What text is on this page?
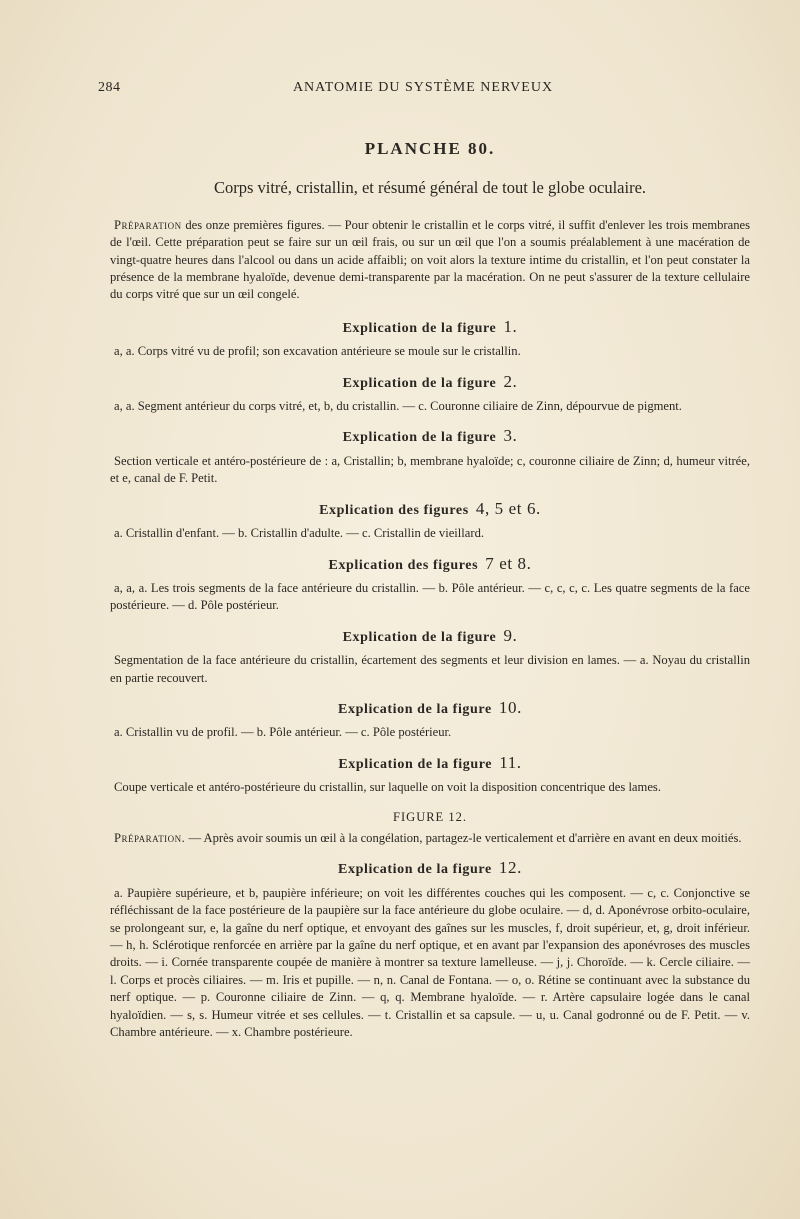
284	ANATOMIE DU SYSTÈME NERVEUX
PLANCHE 80.
Corps vitré, cristallin, et résumé général de tout le globe oculaire.

Préparation des onze premières figures. — Pour obtenir le cristallin et le corps vitré, il suffit d'enlever les trois membranes de l'œil. Cette préparation peut se faire sur un œil frais, ou sur un œil que l'on a soumis préalablement à une macération de vingt-quatre heures dans l'alcool ou dans un acide affaibli; on voit alors la texture intime du cristallin, et l'on peut constater la présence de la membrane hyaloïde, devenue demi-transparente par la macération. On ne peut s'assurer de la texture cellulaire du corps vitré que sur un œil congelé.

Explication de la figure 1.

a, a. Corps vitré vu de profil; son excavation antérieure se moule sur le cristallin.

Explication de la figure 2.

a, a. Segment antérieur du corps vitré, et, b, du cristallin. — c. Couronne ciliaire de Zinn, dépourvue de pigment.

Explication de la figure 3.

Section verticale et antéro-postérieure de : a, Cristallin; b, membrane hyaloïde; c, couronne ciliaire de Zinn; d, humeur vitrée, et e, canal de F. Petit.

Explication des figures 4, 5 et 6.

a. Cristallin d'enfant. — b. Cristallin d'adulte. — c. Cristallin de vieillard.

Explication des figures 7 et 8.

a, a, a. Les trois segments de la face antérieure du cristallin. — b. Pôle antérieur. — c, c, c, c. Les quatre segments de la face postérieure. — d. Pôle postérieur.

Explication de la figure 9.

Segmentation de la face antérieure du cristallin, écartement des segments et leur division en lames. — a. Noyau du cristallin en partie recouvert.

Explication de la figure 10.

a. Cristallin vu de profil. — b. Pôle antérieur. — c. Pôle postérieur.

Explication de la figure 11.

Coupe verticale et antéro-postérieure du cristallin, sur laquelle on voit la disposition concentrique des lames.

FIGURE 12.

Préparation. — Après avoir soumis un œil à la congélation, partagez-le verticalement et d'arrière en avant en deux moitiés.

Explication de la figure 12.

a. Paupière supérieure, et b, paupière inférieure; on voit les différentes couches qui les composent. — c, c. Conjonctive se réfléchissant de la face postérieure de la paupière sur la face antérieure du globe oculaire. — d, d. Aponévrose orbito-oculaire, se prolongeant sur, e, la gaîne du nerf optique, et envoyant des gaînes sur les muscles, f, droit supérieur, et, g, droit inférieur. — h, h. Sclérotique renforcée en arrière par la gaîne du nerf optique, et en avant par l'expansion des aponévroses des muscles droits. — i. Cornée transparente coupée de manière à montrer sa texture lamelleuse. — j, j. Choroïde. — k. Cercle ciliaire. — l. Corps et procès ciliaires. — m. Iris et pupille. — n, n. Canal de Fontana. — o, o. Rétine se continuant avec la substance du nerf optique. — p. Couronne ciliaire de Zinn. — q, q. Membrane hyaloïde. — r. Artère capsulaire logée dans le canal hyaloïdien. — s, s. Humeur vitrée et ses cellules. — t. Cristallin et sa capsule. — u, u. Canal godronné ou de F. Petit. — v. Chambre antérieure. — x. Chambre postérieure.
